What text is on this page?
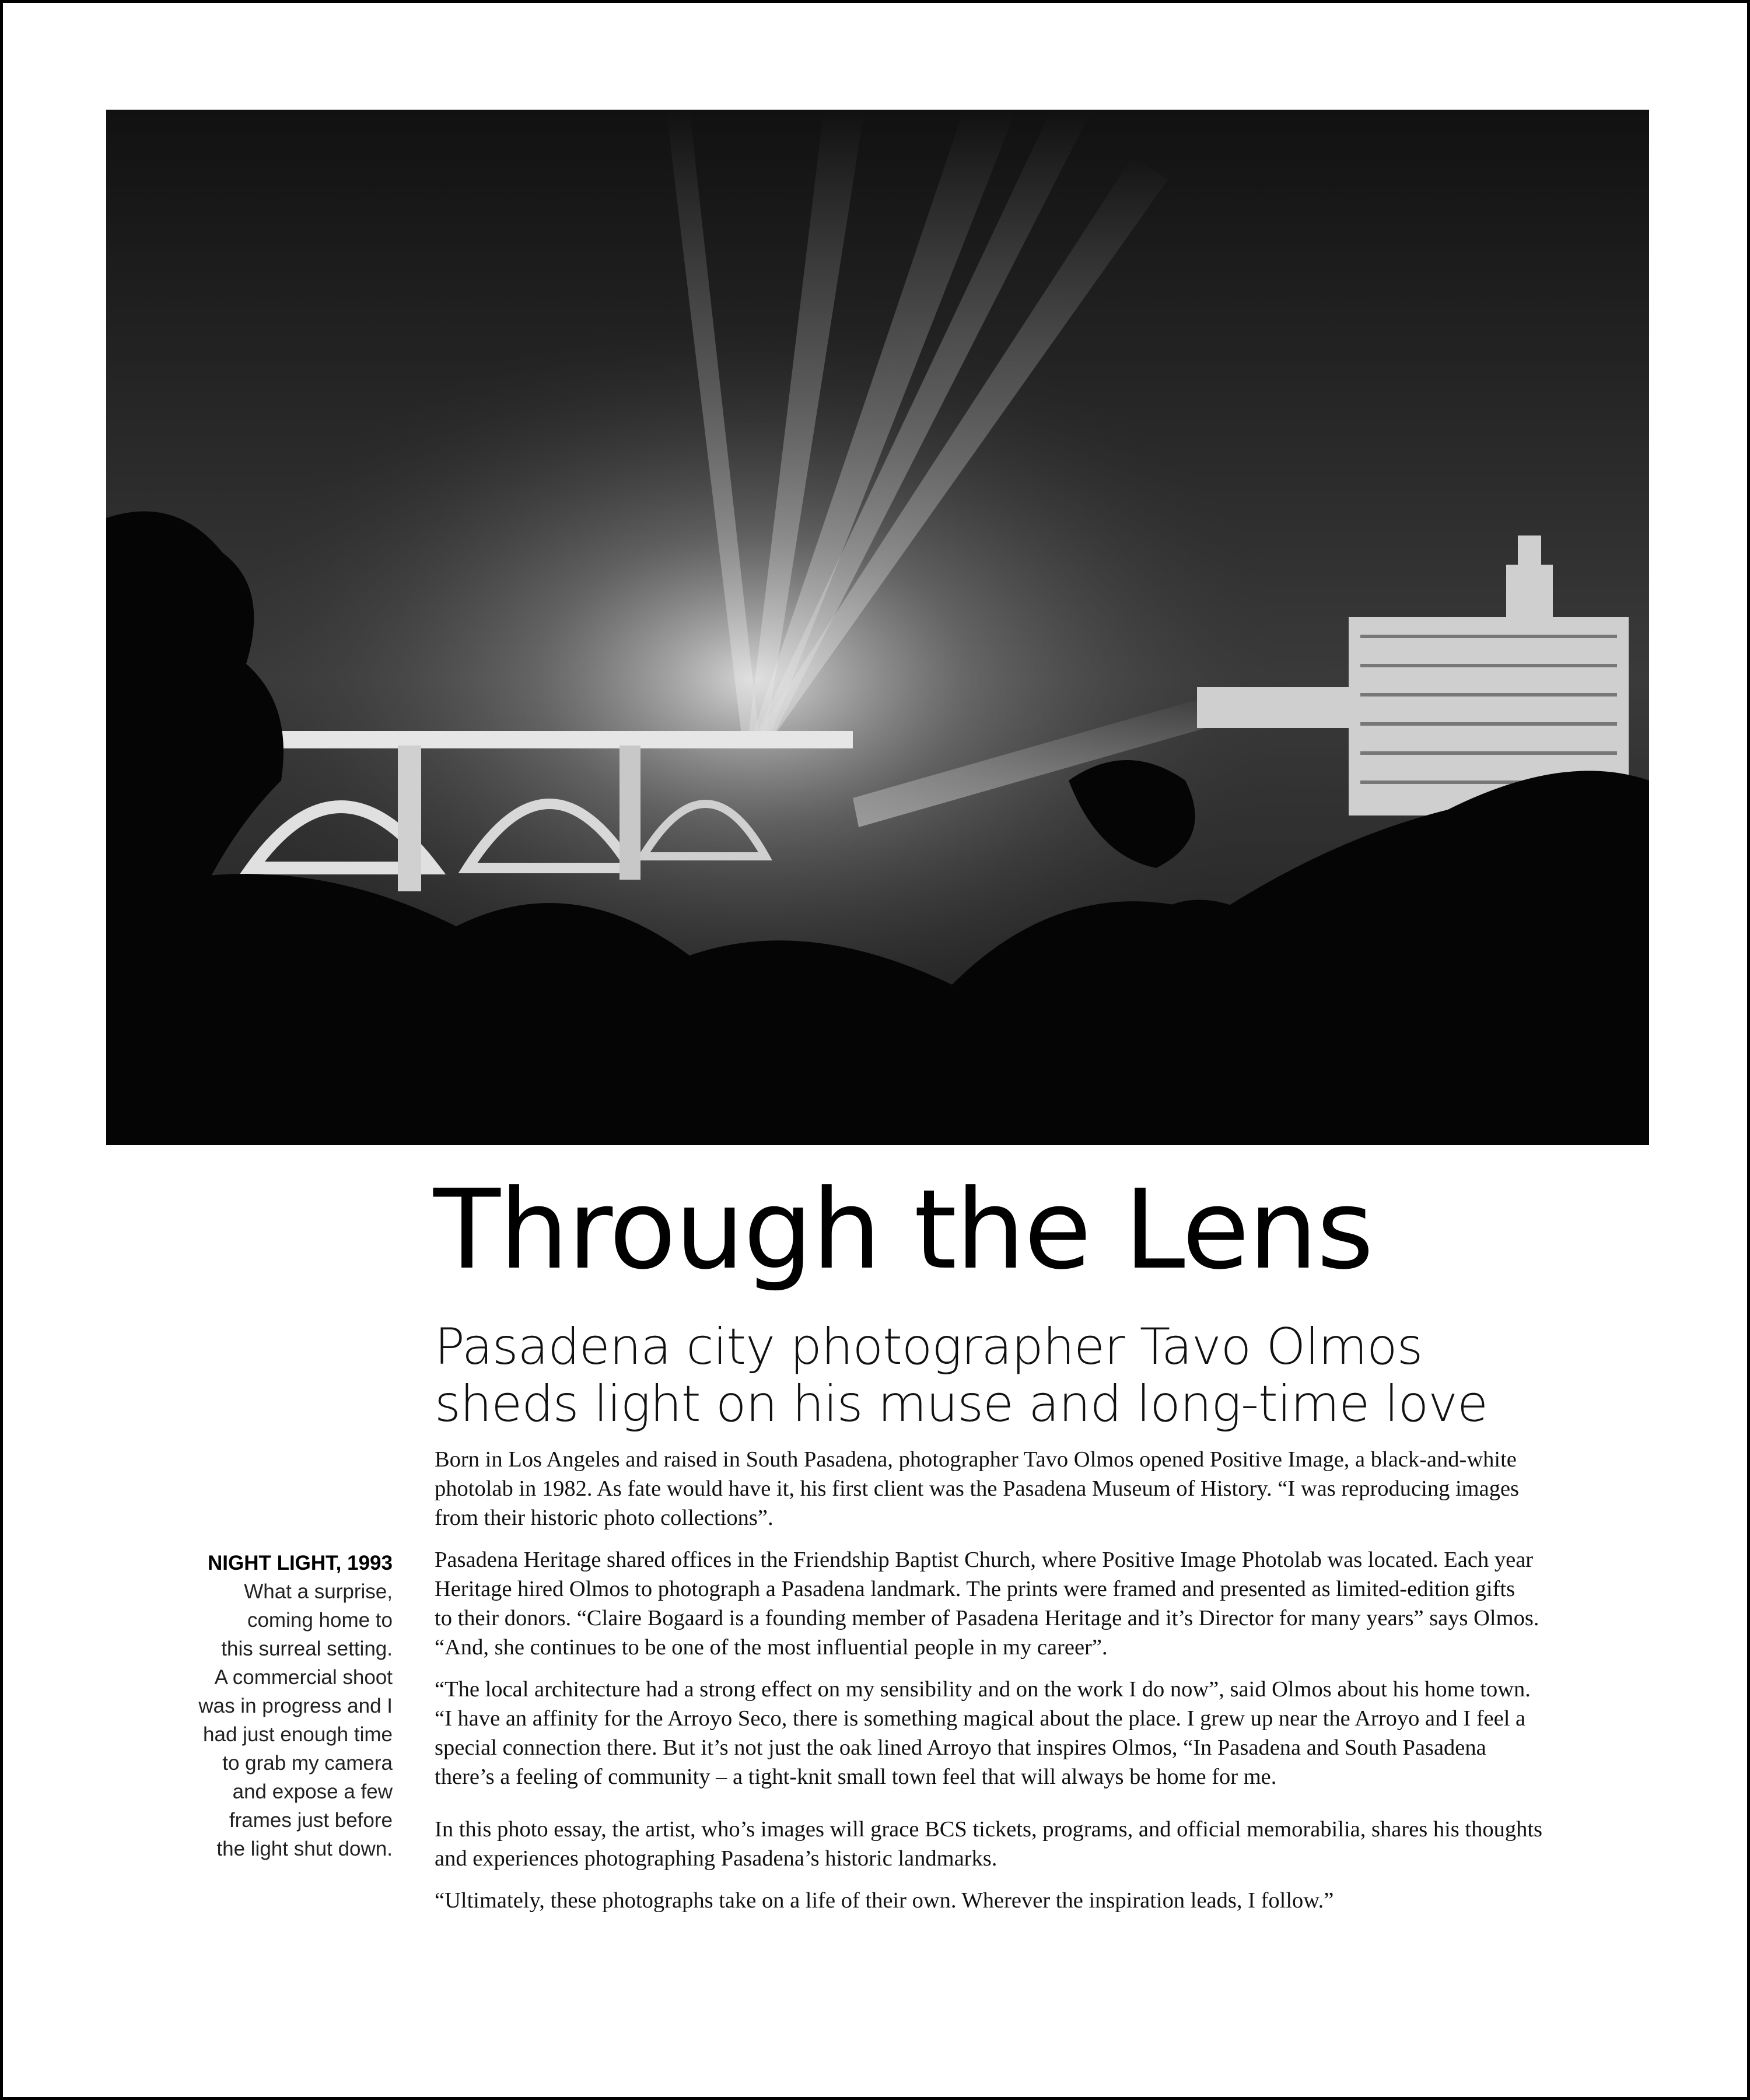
Through the Lens
Pasadena city photographer Tavo Olmos
sheds light on his muse and long-time love
NIGHT LIGHT, 1993
What a surprise,
coming home to
this surreal setting.
A commercial shoot
was in progress and I
had just enough time
to grab my camera
and expose a few
frames just before
the light shut down.

Born in Los Angeles and raised in South Pasadena, photographer Tavo Olmos opened Positive Image, a black-and-white
photolab in 1982. As fate would have it, his first client was the Pasadena Museum of History. “I was reproducing images
from their historic photo collections”.

Pasadena Heritage shared offices in the Friendship Baptist Church, where Positive Image Photolab was located. Each year
Heritage hired Olmos to photograph a Pasadena landmark. The prints were framed and presented as limited-edition gifts
to their donors. “Claire Bogaard is a founding member of Pasadena Heritage and it’s Director for many years” says Olmos.
“And, she continues to be one of the most influential people in my career”.

“The local architecture had a strong effect on my sensibility and on the work I do now”, said Olmos about his home town.
“I have an affinity for the Arroyo Seco, there is something magical about the place. I grew up near the Arroyo and I feel a
special connection there. But it’s not just the oak lined Arroyo that inspires Olmos, “In Pasadena and South Pasadena
there’s a feeling of community – a tight-knit small town feel that will always be home for me.

In this photo essay, the artist, who’s images will grace BCS tickets, programs, and official memorabilia, shares his thoughts
and experiences photographing Pasadena’s historic landmarks.

“Ultimately, these photographs take on a life of their own. Wherever the inspiration leads, I follow.”
